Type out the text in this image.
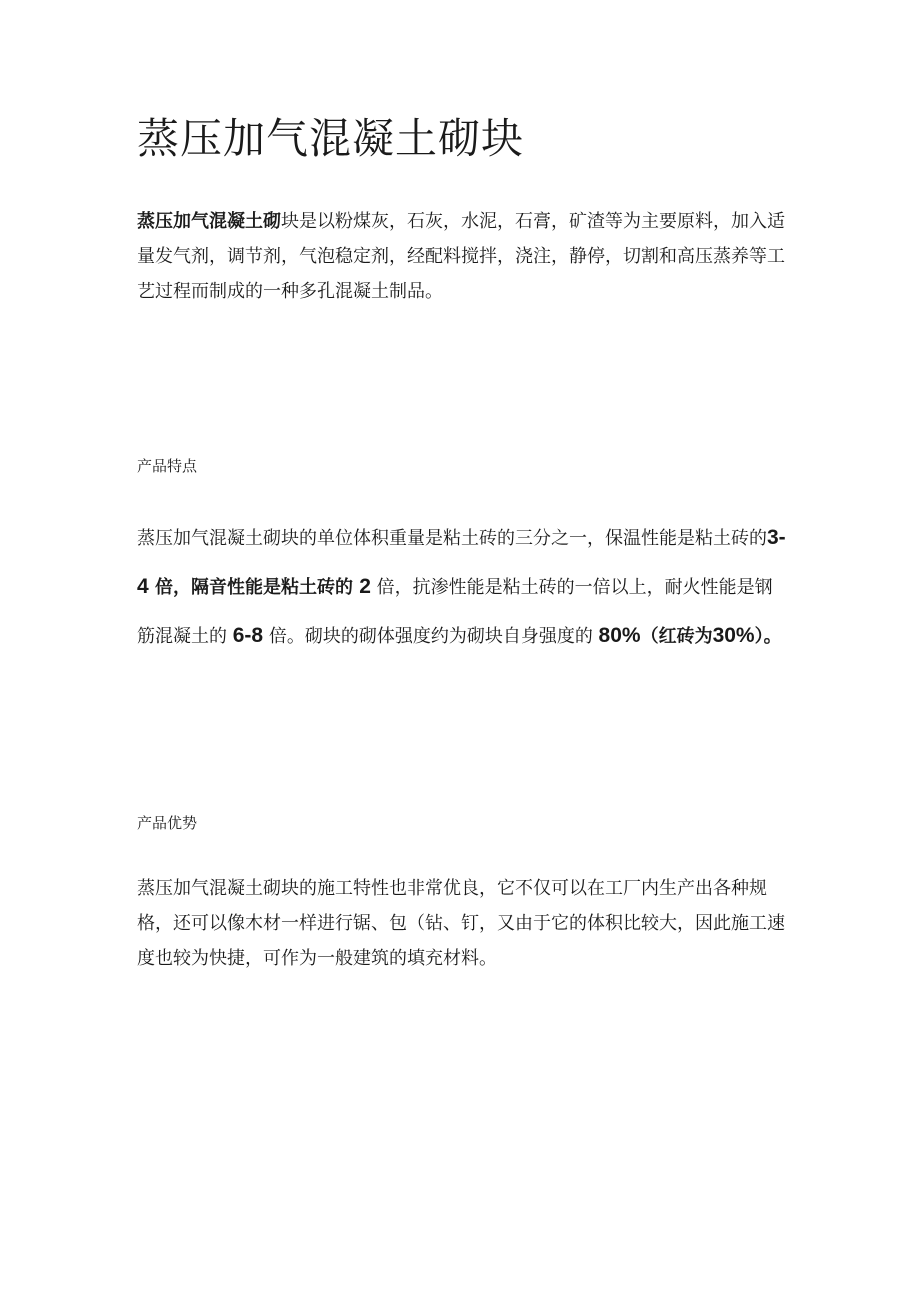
蒸压加气混凝土砌块

蒸压加气混凝土砌块是以粉煤灰，石灰，水泥，石膏，矿渣等为主要原料，加入适量发气剂，调节剂，气泡稳定剂，经配料搅拌，浇注，静停，切割和高压蒸养等工艺过程而制成的一种多孔混凝土制品。

产品特点

蒸压加气混凝土砌块的单位体积重量是粘土砖的三分之一，保温性能是粘土砖的3-4 倍，隔音性能是粘土砖的 2 倍，抗渗性能是粘土砖的一倍以上，耐火性能是钢筋混凝土的 6-8 倍。砌块的砌体强度约为砌块自身强度的 80%（红砖为30%）。

产品优势

蒸压加气混凝土砌块的施工特性也非常优良，它不仅可以在工厂内生产出各种规格，还可以像木材一样进行锯、包（钻、钉，又由于它的体积比较大，因此施工速度也较为快捷，可作为一般建筑的填充材料。
